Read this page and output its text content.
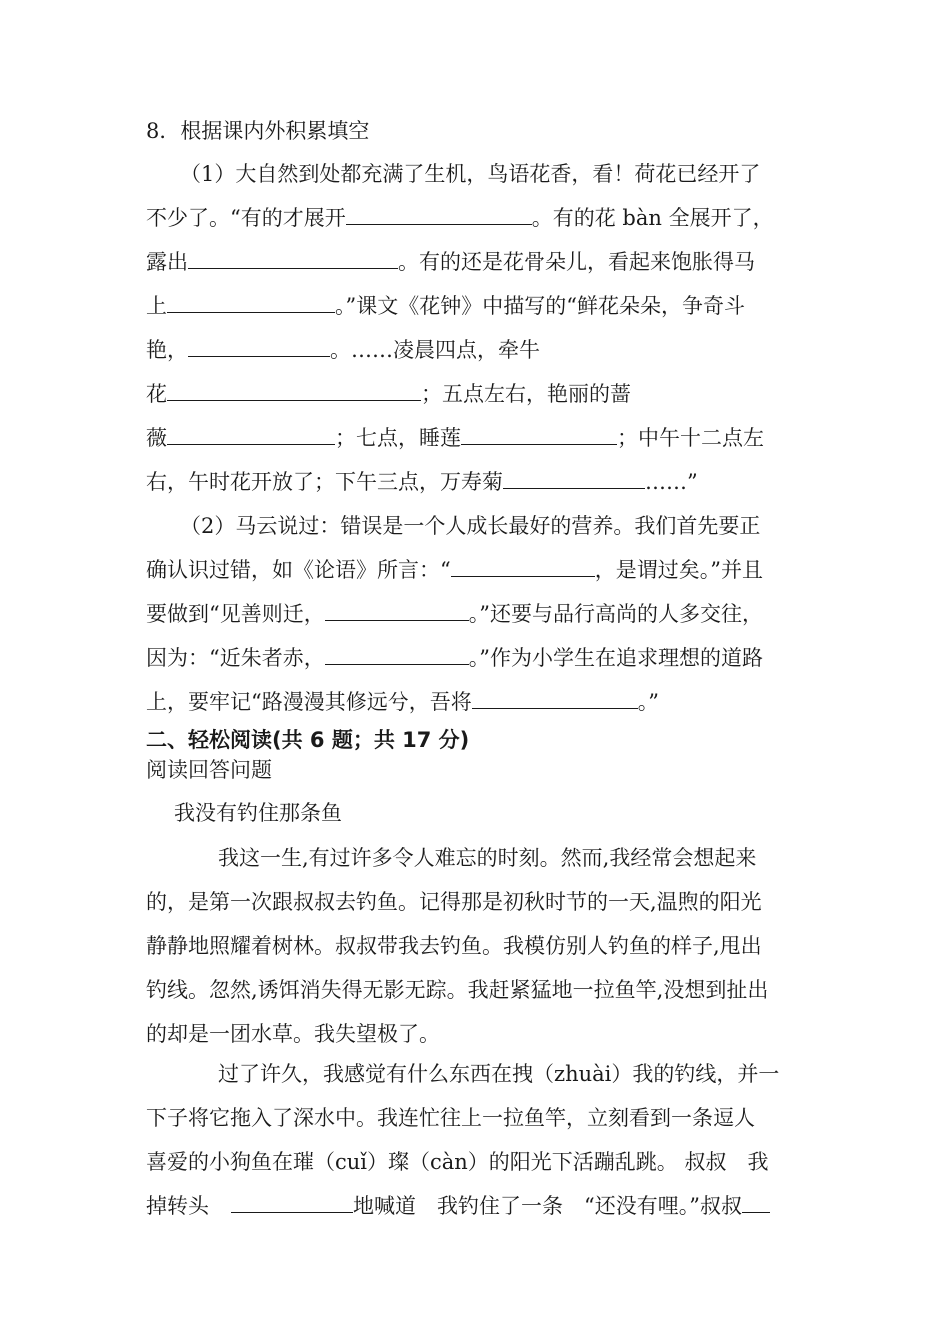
8．根据课内外积累填空
（1）大自然到处都充满了生机，鸟语花香，看！荷花已经开了
不少了。“有的才展开	。有的花 bàn 全展开了，
露出	。有的还是花骨朵儿，看起来饱胀得马
上	。”课文《花钟》中描写的“鲜花朵朵，争奇斗
艳，	。……凌晨四点，牵牛
花	；五点左右，艳丽的蔷
薇	；七点，睡莲	；中午十二点左
右，午时花开放了；下午三点，万寿菊	……”
（2）马云说过：错误是一个人成长最好的营养。我们首先要正
确认识过错，如《论语》所言：“	，是谓过矣。”并且
要做到“见善则迁，	。”还要与品行高尚的人多交往，
因为：“近朱者赤，	。”作为小学生在追求理想的道路
上，要牢记“路漫漫其修远兮，吾将	。”
二、轻松阅读(共 6 题；共 17 分)
阅读回答问题
我没有钓住那条鱼
我这一生,有过许多令人难忘的时刻。然而,我经常会想起来
的，是第一次跟叔叔去钓鱼。记得那是初秋时节的一天,温煦的阳光
静静地照耀着树林。叔叔带我去钓鱼。我模仿别人钓鱼的样子,甩出
钓线。忽然,诱饵消失得无影无踪。我赶紧猛地一拉鱼竿,没想到扯出
的却是一团水草。我失望极了。
过了许久，我感觉有什么东西在拽（zhuài）我的钓线，并一
下子将它拖入了深水中。我连忙往上一拉鱼竿，立刻看到一条逗人
喜爱的小狗鱼在璀（cuǐ）璨（càn）的阳光下活蹦乱跳。 叔叔　我
掉转头	地喊道　我钓住了一条　“还没有哩。”叔叔
